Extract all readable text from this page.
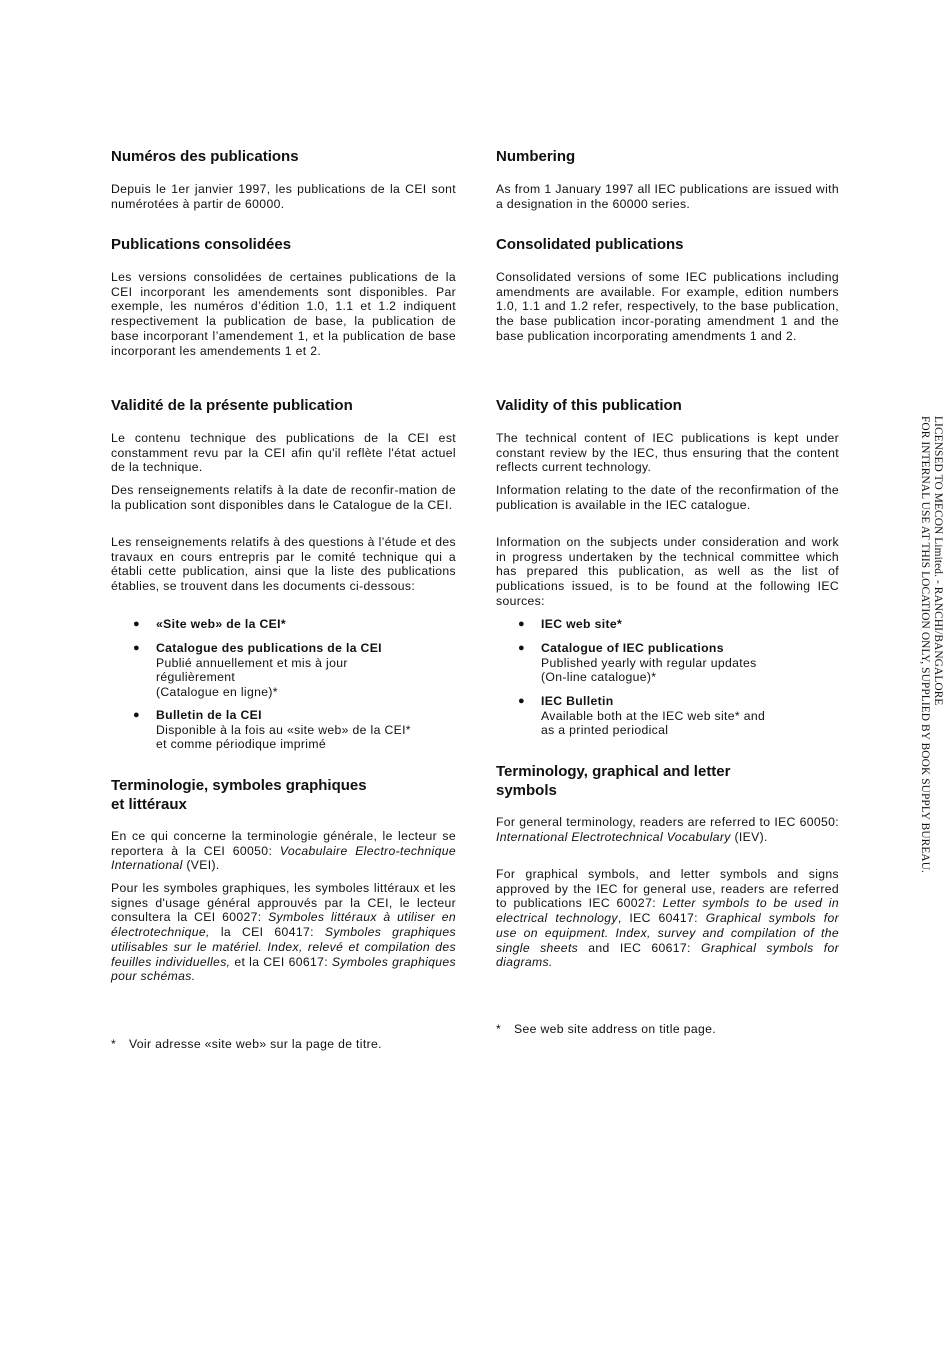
Numéros des publications

Depuis le 1er janvier 1997, les publications de la CEI sont numérotées à partir de 60000.

Publications consolidées

Les versions consolidées de certaines publications de la CEI incorporant les amendements sont disponibles. Par exemple, les numéros d’édition 1.0, 1.1 et 1.2 indiquent respectivement la publication de base, la publication de base incorporant l’amendement 1, et la publication de base incorporant les amendements 1 et 2.

Validité de la présente publication

Le contenu technique des publications de la CEI est constamment revu par la CEI afin qu'il reflète l'état actuel de la technique.

Des renseignements relatifs à la date de reconfir-mation de la publication sont disponibles dans le Catalogue de la CEI.

Les renseignements relatifs à des questions à l’étude et des travaux en cours entrepris par le comité technique qui a établi cette publication, ainsi que la liste des publications établies, se trouvent dans les documents ci-dessous:

● «Site web» de la CEI*
● Catalogue des publications de la CEI
Publié annuellement et mis à jour régulièrement
(Catalogue en ligne)*
● Bulletin de la CEI
Disponible à la fois au «site web» de la CEI*
et comme périodique imprimé
Terminologie, symboles graphiques
et littéraux

En ce qui concerne la terminologie générale, le lecteur se reportera à la CEI 60050: Vocabulaire Electro-technique International (VEI).

Pour les symboles graphiques, les symboles littéraux et les signes d'usage général approuvés par la CEI, le lecteur consultera la CEI 60027: Symboles littéraux à utiliser en électrotechnique, la CEI 60417: Symboles graphiques utilisables sur le matériel. Index, relevé et compilation des feuilles individuelles, et la CEI 60617: Symboles graphiques pour schémas.

* Voir adresse «site web» sur la page de titre.
Numbering

As from 1 January 1997 all IEC publications are issued with a designation in the 60000 series.

Consolidated publications

Consolidated versions of some IEC publications including amendments are available. For example, edition numbers 1.0, 1.1 and 1.2 refer, respectively, to the base publication, the base publication incor-porating amendment 1 and the base publication incorporating amendments 1 and 2.

Validity of this publication

The technical content of IEC publications is kept under constant review by the IEC, thus ensuring that the content reflects current technology.

Information relating to the date of the reconfirmation of the publication is available in the IEC catalogue.

Information on the subjects under consideration and work in progress undertaken by the technical committee which has prepared this publication, as well as the list of publications issued, is to be found at the following IEC sources:

● IEC web site*
● Catalogue of IEC publications
Published yearly with regular updates
(On-line catalogue)*
● IEC Bulletin
Available both at the IEC web site* and
as a printed periodical
Terminology, graphical and letter
symbols

For general terminology, readers are referred to IEC 60050: International Electrotechnical Vocabulary (IEV).

For graphical symbols, and letter symbols and signs approved by the IEC for general use, readers are referred to publications IEC 60027: Letter symbols to be used in electrical technology, IEC 60417: Graphical symbols for use on equipment. Index, survey and compilation of the single sheets and IEC 60617: Graphical symbols for diagrams.

* See web site address on title page.
LICENSED TO MECON Limited. - RANCHI/BANGALORE
FOR INTERNAL USE AT THIS LOCATION ONLY, SUPPLIED BY BOOK SUPPLY BUREAU.
